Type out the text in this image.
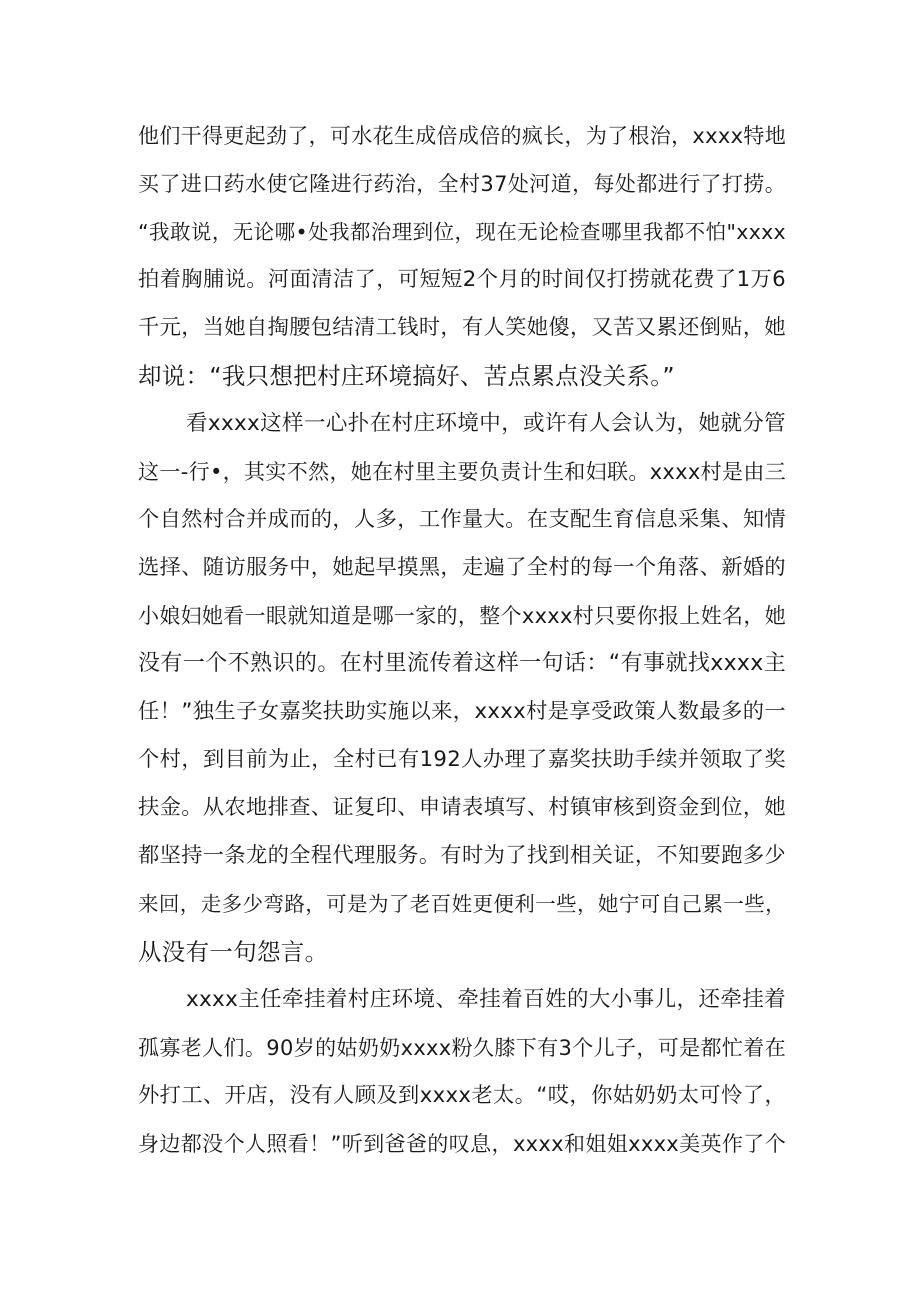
他们干得更起劲了，可水花生成倍成倍的疯长，为了根治，xxxx特地
买了进口药水使它隆进行药治，全村37处河道，每处都进行了打捞。
“我敢说，无论哪•处我都治理到位，现在无论检查哪里我都不怕"xxxx
拍着胸脯说。河面清洁了，可短短2个月的时间仅打捞就花费了1万6
千元，当她自掏腰包结清工钱时，有人笑她傻，又苦又累还倒贴，她
却说：“我只想把村庄环境搞好、苦点累点没关系。”
看xxxx这样一心扑在村庄环境中，或许有人会认为，她就分管
这一-行•，其实不然，她在村里主要负责计生和妇联。xxxx村是由三
个自然村合并成而的，人多，工作量大。在支配生育信息采集、知情
选择、随访服务中，她起早摸黑，走遍了全村的每一个角落、新婚的
小娘妇她看一眼就知道是哪一家的，整个xxxx村只要你报上姓名，她
没有一个不熟识的。在村里流传着这样一句话：“有事就找xxxx主
任！”独生子女嘉奖扶助实施以来，xxxx村是享受政策人数最多的一
个村，到目前为止，全村已有192人办理了嘉奖扶助手续并领取了奖
扶金。从农地排查、证复印、申请表填写、村镇审核到资金到位，她
都坚持一条龙的全程代理服务。有时为了找到相关证，不知要跑多少
来回，走多少弯路，可是为了老百姓更便利一些，她宁可自己累一些，
从没有一句怨言。
xxxx主任牵挂着村庄环境、牵挂着百姓的大小事儿，还牵挂着
孤寡老人们。90岁的姑奶奶xxxx粉久膝下有3个儿子，可是都忙着在
外打工、开店，没有人顾及到xxxx老太。“哎，你姑奶奶太可怜了，
身边都没个人照看！”听到爸爸的叹息，xxxx和姐姐xxxx美英作了个
